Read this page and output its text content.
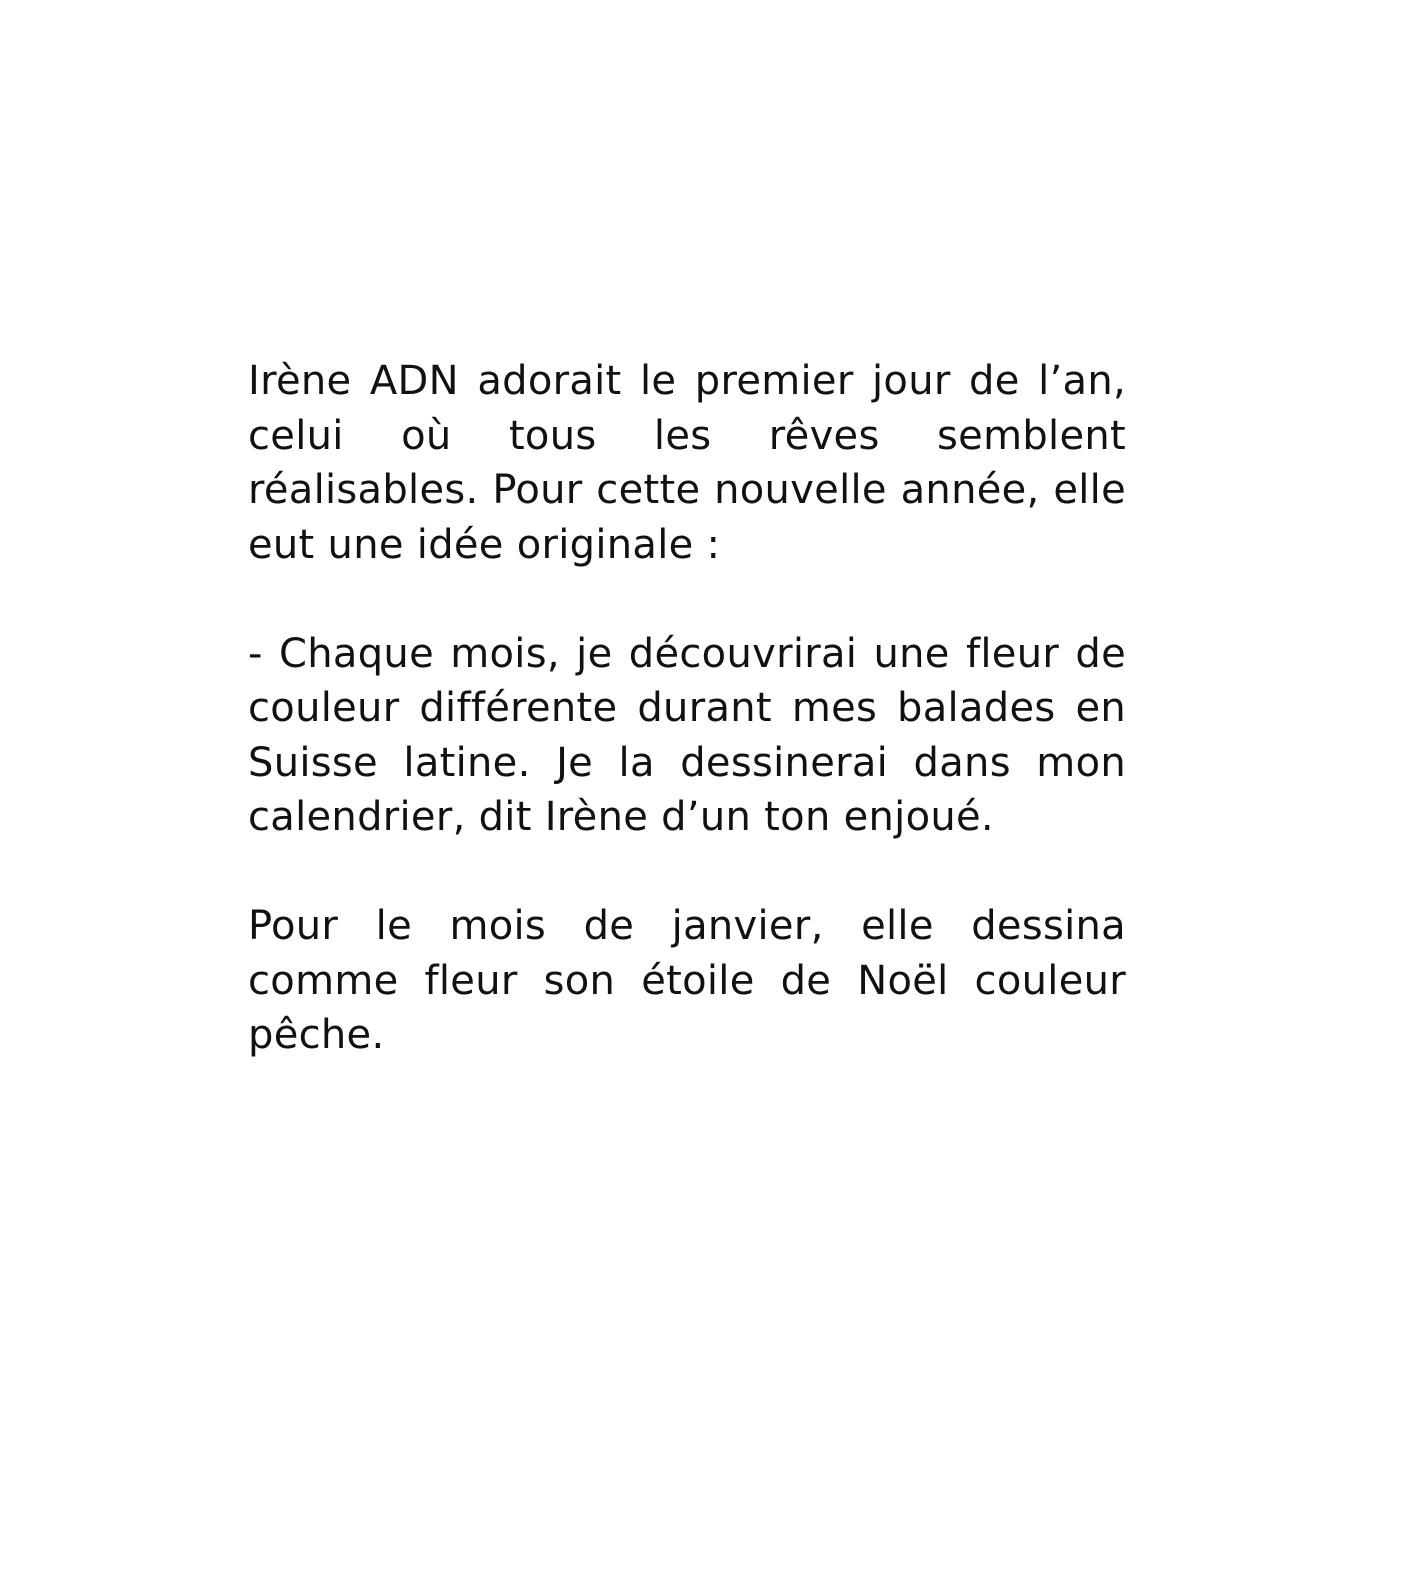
Irène ADN adorait le premier jour de l’an, celui où tous les rêves semblent réalisables. Pour cette nouvelle année, elle eut une idée originale :

- Chaque mois, je découvrirai une fleur de couleur différente durant mes balades en Suisse latine. Je la dessinerai dans mon calendrier, dit Irène d’un ton enjoué.

Pour le mois de janvier, elle dessina comme fleur son étoile de Noël couleur pêche.
